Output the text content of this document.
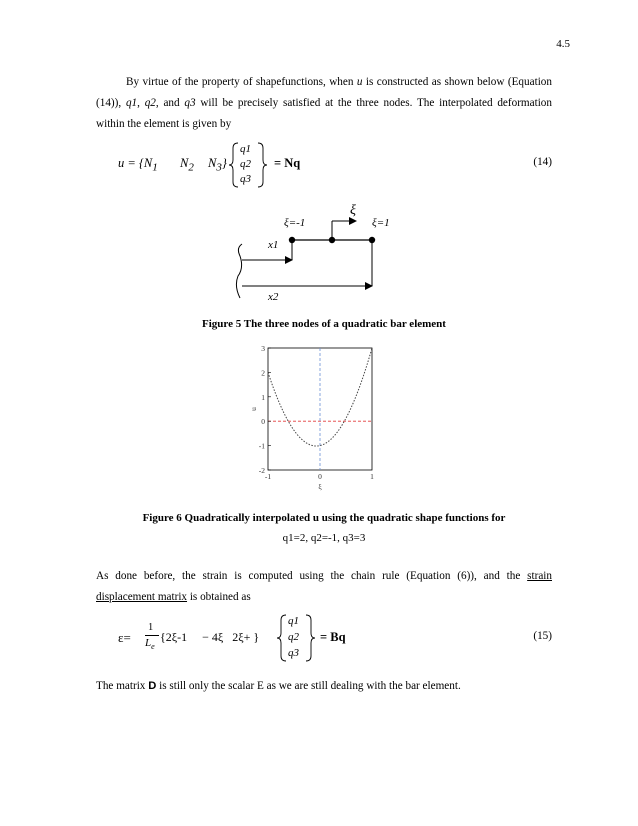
4.5
By virtue of the property of shapefunctions, when u is constructed as shown below (Equation (14)), q1, q2, and q3 will be precisely satisfied at the three nodes. The interpolated deformation within the element is given by
$u = \{N_1$ $N_2$ $N_3$}
q1
q2
q3
= Nq	(14)
ξ
ξ=-1	ξ=1
x1
x2
Figure 5 The three nodes of a quadratic bar element
-2
-1
0
1
2
3
-1	0	1
u
ξ
Figure 6 Quadratically interpolated u using the quadratic shape functions for
q1=2, q2=-1, q3=3
As done before, the strain is computed using the chain rule (Equation (6)), and the strain displacement matrix is obtained as
ε=
1
$L_e$
{2ξ-1     − 4ξ   2ξ+ }
q1
q2
q3
= Bq	(15)
The matrix D is still only the scalar E as we are still dealing with the bar element.
